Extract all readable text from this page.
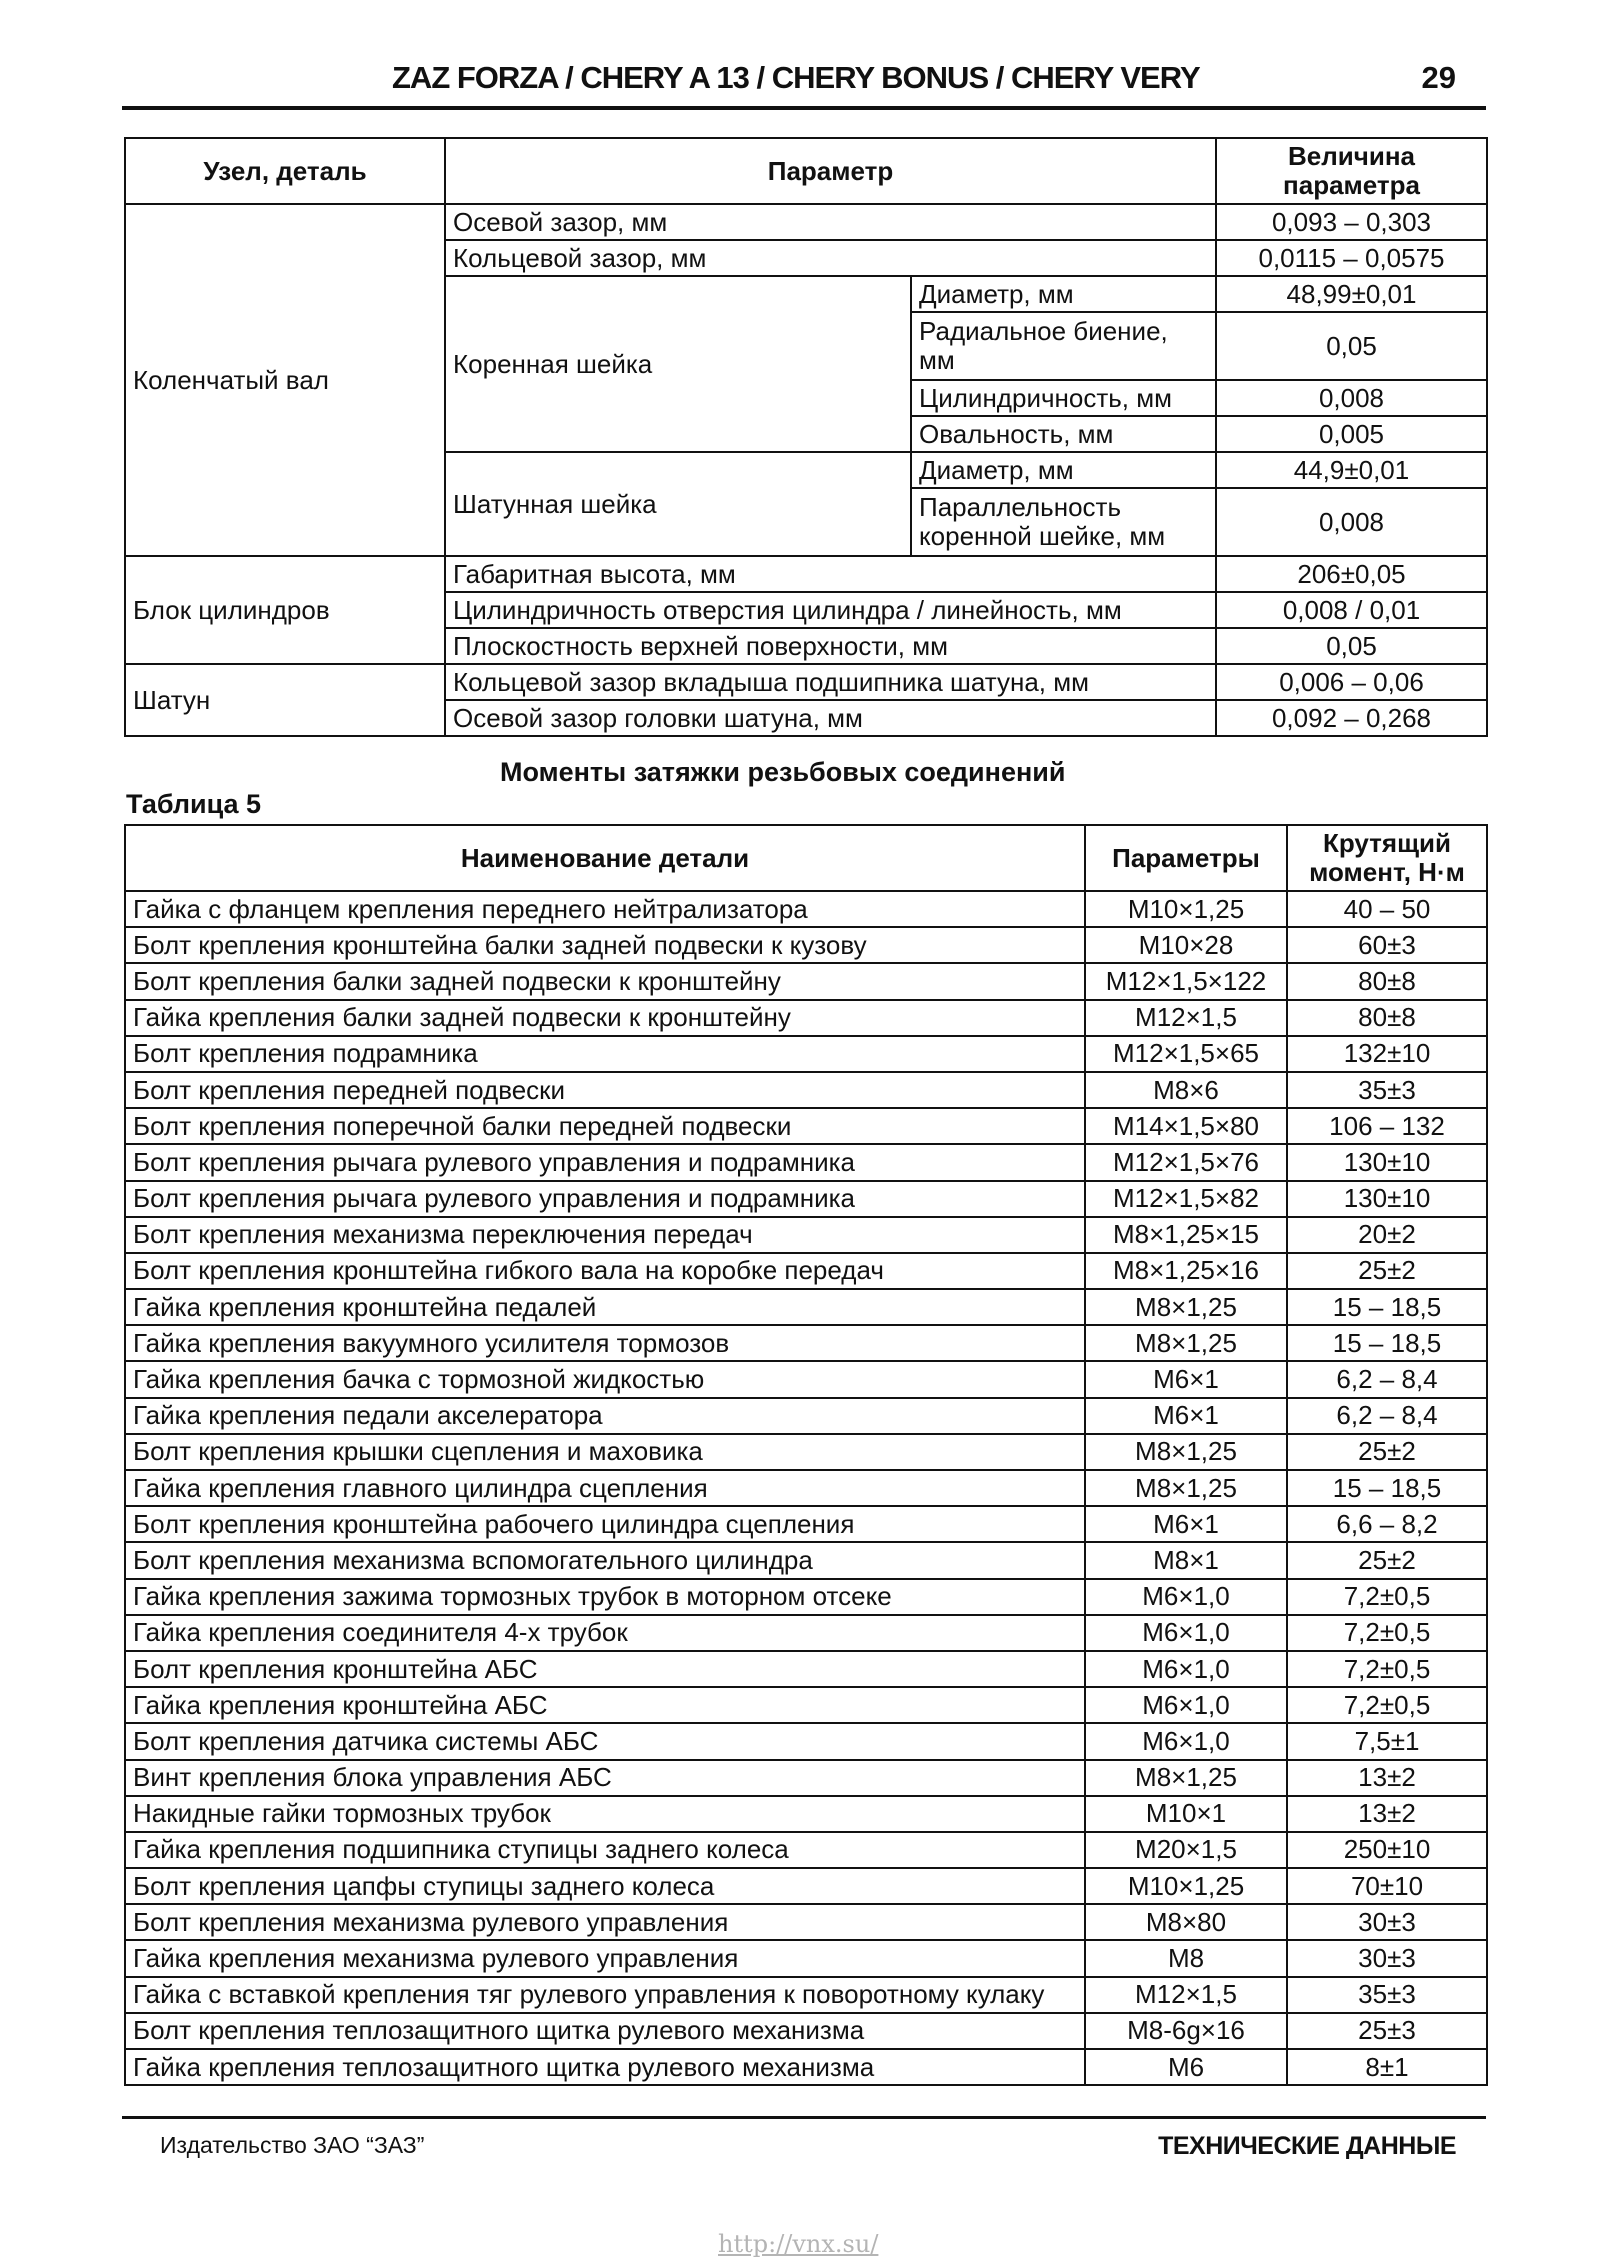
ZAZ FORZA / CHERY A 13 / CHERY BONUS / CHERY VERY	29
Узел, деталь	Параметр		Величина параметра
Коленчатый вал	Осевой зазор, мм		0,093 – 0,303
	Кольцевой зазор, мм		0,0115 – 0,0575
	Коренная шейка	Диаметр, мм	48,99±0,01
		Радиальное биение, мм	0,05
		Цилиндричность, мм	0,008
		Овальность, мм	0,005
	Шатунная шейка	Диаметр, мм	44,9±0,01
		Параллельность коренной шейке, мм	0,008
Блок цилиндров	Габаритная высота, мм		206±0,05
	Цилиндричность отверстия цилиндра / линейность, мм		0,008 / 0,01
	Плоскостность верхней поверхности, мм		0,05
Шатун	Кольцевой зазор вкладыша подшипника шатуна, мм		0,006 – 0,06
	Осевой зазор головки шатуна, мм		0,092 – 0,268
Моменты затяжки резьбовых соединений
Таблица 5
Наименование детали	Параметры	Крутящий момент, Н·м
Гайка с фланцем крепления переднего нейтрализатора	M10×1,25	40 – 50
Болт крепления кронштейна балки задней подвески к кузову	M10×28	60±3
Болт крепления балки задней подвески к кронштейну	M12×1,5×122	80±8
Гайка крепления балки задней подвески к кронштейну	M12×1,5	80±8
Болт крепления подрамника	M12×1,5×65	132±10
Болт крепления передней подвески	M8×6	35±3
Болт крепления поперечной балки передней подвески	M14×1,5×80	106 – 132
Болт крепления рычага рулевого управления и подрамника	M12×1,5×76	130±10
Болт крепления рычага рулевого управления и подрамника	M12×1,5×82	130±10
Болт крепления механизма переключения передач	M8×1,25×15	20±2
Болт крепления кронштейна гибкого вала на коробке передач	M8×1,25×16	25±2
Гайка крепления кронштейна педалей	M8×1,25	15 – 18,5
Гайка крепления вакуумного усилителя тормозов	M8×1,25	15 – 18,5
Гайка крепления бачка с тормозной жидкостью	M6×1	6,2 – 8,4
Гайка крепления педали акселератора	M6×1	6,2 – 8,4
Болт крепления крышки сцепления и маховика	M8×1,25	25±2
Гайка крепления главного цилиндра сцепления	M8×1,25	15 – 18,5
Болт крепления кронштейна рабочего цилиндра сцепления	M6×1	6,6 – 8,2
Болт крепления механизма вспомогательного цилиндра	M8×1	25±2
Гайка крепления зажима тормозных трубок в моторном отсеке	M6×1,0	7,2±0,5
Гайка крепления соединителя 4-х трубок	M6×1,0	7,2±0,5
Болт крепления кронштейна АБС	M6×1,0	7,2±0,5
Гайка крепления кронштейна АБС	M6×1,0	7,2±0,5
Болт крепления датчика системы АБС	M6×1,0	7,5±1
Винт крепления блока управления АБС	M8×1,25	13±2
Накидные гайки тормозных трубок	M10×1	13±2
Гайка крепления подшипника ступицы заднего колеса	M20×1,5	250±10
Болт крепления цапфы ступицы заднего колеса	M10×1,25	70±10
Болт крепления механизма рулевого управления	M8×80	30±3
Гайка крепления механизма рулевого управления	M8	30±3
Гайка с вставкой крепления тяг рулевого управления к поворотному кулаку	M12×1,5	35±3
Болт крепления теплозащитного щитка рулевого механизма	M8-6g×16	25±3
Гайка крепления теплозащитного щитка рулевого механизма	M6	8±1
Издательство ЗАО “ЗАЗ”	ТЕХНИЧЕСКИЕ ДАННЫЕ
http://vnx.su/
